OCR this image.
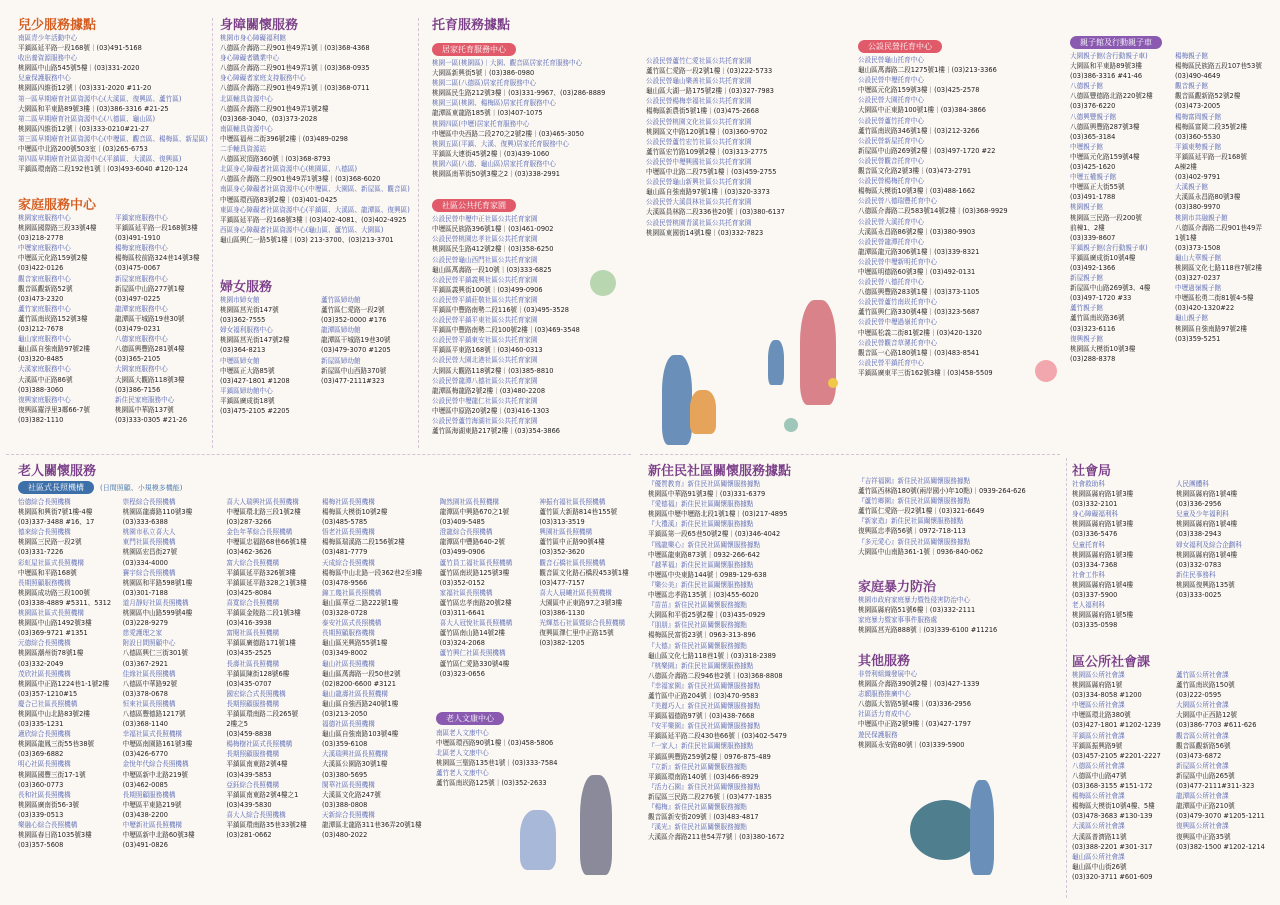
兒少服務據點
南區青少年活動中心
平鎮區延平路一段168號｜(03)491-5168
收出養資源服務中心
桃園區中山路545號5樓｜(03)331-2020
兒童保護服務中心
桃園區四維街12號｜(03)331-2020 #11-20
第一區早期療育社區資源中心(大溪區、復興區、蘆竹區)
大園區和平東路89號3樓｜(03)386-3316 #21-25
第二區早期療育社區資源中心(八德區、龜山區)
桃園區四維街12號｜(03)333-0210#21-27
第三區早期療育社區資源中心(中壢區、觀音區、楊梅區、新屋區)
中壢區中北路200號503室｜(03)265-6753
第四區早期療育社區資源中心(平鎮區、大溪區、復興區)
平鎮區環南路二段192巷1號｜(03)493-6040 #120-124
家庭服務中心
桃園家庭服務中心
桃園區國際路三段33號4樓
(03)218-2778
中壢家庭服務中心
中壢區元化路159號2樓
(03)422-0126
觀音家庭服務中心
觀音區觀新路52號
(03)473-2320
蘆竹家庭服務中心
蘆竹區南崁路152號3樓
(03)212-7678
龜山家庭服務中心
龜山區自強南路97號2樓
(03)320-8485
大溪家庭服務中心
大溪區中正路86號
(03)388-3060
復興家庭服務中心
復興區羅浮里3鄰66-7號
(03)382-1110
平鎮家庭服務中心
平鎮區延平路一段168號3樓
(03)491-1910
楊梅家庭服務中心
楊梅區校前路324巷14號3樓
(03)475-0067
新屋家庭服務中心
新屋區中山路277號1樓
(03)497-0225
龍潭家庭服務中心
龍潭區干城路19巷30號
(03)479-0231
八德家庭服務中心
八德區興豐路281號4樓
(03)365-2105
大園家庭服務中心
大園區大觀路118號3樓
(03)386-7156
新住民家庭服務中心
桃園區中華路137號
(03)333-0305 #21-26
身障關懷服務
桃園市身心障礙福利館
八德區介壽路二段901巷49弄1號｜(03)368-4368
身心障礙者職業中心
八德區介壽路二段901巷49弄1號｜(03)368-0935
身心障礙者家庭支持服務中心
八德區介壽路二段901巷49弄1號｜(03)368-0711
北區輔具資源中心
八德區介壽路二段901巷49弄1號2樓
(03)368-3040、(03)373-2028
南區輔具資源中心
中壢區福州二街396號2樓｜(03)489-0298
二手輔具資源站
八德區崁頂路360號｜(03)368-8793
北區身心障礙者社區資源中心(桃園區、八德區)
八德區介壽路二段901巷49弄1號3樓｜(03)368-6020
南區身心障礙者社區資源中心(中壢區、大園區、新屋區、觀音區)
中壢區環西路83號2樓｜(03)401-0425
東區身心障礙者社區資源中心(平鎮區、大溪區、龍潭區、復興區)
平鎮區延平路一段168號3樓｜(03)402-4081、(03)402-4925
西區身心障礙者社區資源中心(龜山區、蘆竹區、大園區)
龜山區興仁一路5號1樓｜(03) 213-3700、(03)213-3701
婦女服務
桃園市婦女館
桃園區莒光街147號
(03)362-7555
婦女福利服務中心
桃園區莒光街147號2樓
(03)364-8213
中壢區婦女館
中壢區正大路85號
(03)427-1801 #1208
平鎮區婦幼館中心
平鎮區廣成街18號
(03)475-2105 #2205
蘆竹區婦幼館
蘆竹區仁愛路一段2號
(03)352-0000 #176
龍潭區婦幼館
龍潭區干城路19巷30號
(03)479-3070 #1205
新屋區婦幼館
新屋區中山西路370號
(03)477-2111#323
托育服務據點
居家托育服務中心
桃園一區(桃園區)｜大園、觀音區居家托育服務中心
大園區新興街5號｜(03)386-0980
桃園二區(八德區)居家托育服務中心
桃園區民生路212號3樓｜(03)331-9967、(03)286-8889
桃園三區(桃園、楊梅區)居家托育服務中心
龍潭區東龍路185號｜(03)407-1075
桃園四區(中壢)居家托育服務中心
中壢區中央西路二段270之2號2樓｜(03)465-3050
桃園五區(平鎮、大溪、復興)居家托育服務中心
平鎮區大連街45號2樓｜(03)439-1060
桃園六區(八德、龜山區)居家托育服務中心
桃園區南華街50號3樓之2｜(03)338-2991
社區公共托育家園
公設民營中壢中正社區公共托育家園
中壢區民族路396號1樓｜(03)461-0902
公設民營桃園忠孝社區公共托育家園
桃園區民生路412號2樓｜(03)358-6250
公設民營龜山西門社區公共托育家園
龜山區萬壽路一段10號｜(03)333-6825
公設民營平鎮義興社區公共托育家園
平鎮區義興街100號｜(03)499-0906
公設民營平鎮莊敬社區公共托育家園
平鎮區中豐路南勢二段116號｜(03)495-3528
公設民營平鎮平東社區公共托育家園
平鎮區中豐路南勢二段100號2樓｜(03)469-3548
公設民營平鎮東安社區公共托育家園
平鎮區平東路168號｜(03)460-0313
公設民營大園北港社區公共托育家園
大園區大觀路118號2樓｜(03)385-8810
公設民營龍潭八德社區公共托育家園
龍潭區梅龍路2號2樓｜(03)480-2208
公設民營中壢龍仁社區公共托育家園
中壢區中原路20號2樓｜(03)416-1303
公設民營蘆竹海湖社區公共托育家園
蘆竹區海湖東路217號2樓｜(03)354-3866
公設民營蘆竹仁愛社區公共托育家園
蘆竹區仁愛路一段2號1樓｜(03)222-5733
公設民營龜山樂善社區公共托育家園
龜山區大湖一路175號2樓｜(03)327-7983
公設民營楊梅幸福社區公共托育家園
楊梅區新農街5號1樓｜(03)475-2668
公設民營桃園文化社區公共托育家園
桃園區文中路120號1樓｜(03)360-9702
公設民營蘆竹宏竹社區公共托育家園
蘆竹區宏竹路109號2樓｜(03)313-2775
公設民營中壢興國社區公共托育家園
中壢區中北路二段75號1樓｜(03)459-2755
公設民營龜山新興社區公共托育家園
龜山區自強南路97號1樓｜(03)320-3373
公設民營大溪員林社區公共托育家園
大溪區員林路二段336巷20號｜(03)380-6137
公設民營桃園青溪社區公共托育家園
桃園區東國街14號1樓｜(03)332-7823
公設民營托育中心
公設民營龜山托育中心
龜山區萬壽路二段1275號1樓｜(03)213-3366
公設民營中壢托育中心
中壢區元化路159號3樓｜(03)425-2578
公設民營大園托育中心
大園區中正東路100號1樓｜(03)384-3866
公設民營蘆竹托育中心
蘆竹區南崁路346號1樓｜(03)212-3266
公設民營新屋托育中心
新屋區中山路269號2樓｜(03)497-1720 #22
公設民營觀音托育中心
觀音區文化路2號3樓｜(03)473-2791
公設民營楊梅托育中心
楊梅區大模街10號3樓｜(03)488-1662
公設民營八德瑞豐托育中心
八德區介壽路二段583號14號2樓｜(03)368-9929
公設民營大溪托育中心
大溪區永昌路86號2樓｜(03)380-9903
公設民營龍潭托育中心
龍潭區龍元路306號1樓｜(03)339-8321
公設民營中壢新明托育中心
中壢區明德路60號3樓｜(03)492-0131
公設民營八德托育中心
八德區興豐路283號1樓｜(03)373-1105
公設民營蘆竹南崁托育中心
蘆竹區興仁路330號4樓｜(03)323-5687
公設民營中壢過嶺托育中心
中壢區松義二街81號2樓｜(03)420-1320
公設民營觀音草漯托育中心
觀音區一心路180號1樓｜(03)483-8541
公設民營平鎮托育中心
平鎮區廣東平三街162號3樓｜(03)458-5509
親子館及行動親子車
大園親子館(含行動親子車)
大園區和平東路89號3樓
(03)386-3316 #41-46
八德親子館
八德區豐德路北路220號2樓
(03)376-6220
八德興豐親子館
八德區興豐路287號3樓
(03)365-3184
中壢親子館
中壢區元化路159號4樓
(03)425-1620
中壢五權親子館
中壢區正大街55號
(03)491-1788
桃園親子館
桃園區三民路一段200號
前棟1、2樓
(03)339-8607
平鎮親子館(含行動親子車)
平鎮區廣成街10號4樓
(03)492-1366
新屋親子館
新屋區中山路269號3、4樓
(03)497-1720 #33
蘆竹親子館
蘆竹區南崁路36號
(03)323-6116
復興親子館
桃園區大模街10號3樓
(03)288-8378
楊梅親子館
楊梅區民族路五段107巷53號
(03)490-4649
觀音親子館
觀音區觀新路52號2樓
(03)473-2005
楊梅富岡親子館
楊梅區富岡二段35號2樓
(03)360-5530
平鎮東勢親子館
平鎮區延平路一段168號
A棟2樓
(03)402-9791
大溪親子館
大溪區永昌路80號3樓
(03)380-9970
桃園市共融親子館
八德區介壽路二段901巷49弄
1號1樓
(03)373-1508
龜山大華親子館
桃園區文化七路118巷7號2樓
(03)327-0237
中壢過嶺親子館
中壢區松勇二街81號4-5樓
(03)420-1320#22
龜山親子館
桃園區自強南路97號2樓
(03)359-5251
老人關懷服務
社區式長照機構	(日間照顧、小規模多機能)
怡德綜合長照機構
桃園區和興街7號1樓-4樓
(03)337-3488 #16、17
德來綜合長照機構
桃園區三民路一段2號
(03)331-7226
彩虹屋社區式長照機構
中壢區和平路168號
長期照顧服務機構
桃園區成功路三段100號
(03)338-4889 #5311、5312
桃園區社區式長照機構
桃園區中山路1492號3樓
(03)369-9721 #1351
元德綜合長照機構
桃園區潮州街78號1樓
(03)332-2049
茂欣社區長照機構
桃園區中正路1224巷1-1號2樓
(03)357-1210#15
慶合己社區長照機構
桃園區中山北路83號2樓
(03)335-1231
適欣綜合長照機構
桃園區龍鳳三街55巷38號
(03)369-6882
明心社區長照機構
桃園區國豐三街17-1號
(03)360-0773
長和社區長照機構
桃園區廣南街56-3號
(03)339-0513
樂融心綜合長照機構
桃園區春日路1035號3樓
(03)357-5608
崇程綜合長照機構
桃園區龍壽路110號3樓
(03)333-6388
桃園市私立喜大人
東門社區長照機構
桃園區宏昌街27號
(03)334-4000
賽宇綜合長照機構
桃園區和平路598號1樓
(03)301-7188
道月靜好社區長照機構
桃園區中山路599號4樓
(03)228-9279
慈愛護理之家
附設日間照顧中心
八德區興仁三街301號
(03)367-2921
佳緣社區長照機構
八德區中華路92號
(03)378-0678
恒來社區長照機構
八德區豐德路1217號
(03)368-1140
幸福社區式長照機構
中壢區南園路161號3樓
(03)426-6770
金悅年代綜合長照機構
中壢區新中北路219號
(03)462-0085
長期照顧服務機構
中壢區平東路219號
(03)438-2200
中壢新社區長照機構
中壢區新中北路60號3樓
(03)491-0826
喜大人瑞興社區長照機構
中壢區環北路三段1號2樓
(03)287-3266
金色年華綜合長照機構
中壢區忠福路68巷66號1樓
(03)462-3626
富大綜合長照機構
平鎮區延平路326號3樓
平鎮區延平路328之1號3樓
(03)425-8084
喜寬綜合長照機構
平鎮區金陵路二段1號3樓
(03)416-3938
富閱社區長照機構
平鎮區廣德路171號1樓
(03)435-2525
長壽社區長照機構
平鎮區陳街128號6樓
(03)435-0707
國宏綜合式長照機構
長期照顧服務機構
平鎮區環南路二段265號
2樓之5
(03)459-8838
楊梅樹社區式長照機構
長期照顧服務機構
平鎮區南東路2號4樓
(03)439-5853
亞鈺綜合長照機構
平鎮區南東路2號4樓之1
(03)439-5830
喜大人綜合長照機構
平鎮區環南路35巷33號2樓
(03)281-0662
楊梅社區長照機構
楊梅區大模街10號2樓
(03)485-5785
悟老社區長照機構
楊梅區瑞溪路二段156號2樓
(03)481-7779
天成綜合長照機構
楊梅區中山北路一段362巷2至3樓
(03)478-9566
錦工幾社區長照機構
龜山區華亞二路222號1樓
(03)328-0728
泰安社區式長照機構
長期照顧服務機構
龜山區光興路55號1樓
(03)349-8002
龜山社區長照機構
龜山區萬壽路一段50巷2號
(02)8200-6600 #3121
龜山龍壽社區長照機構
龜山區自強西路240號1樓
(03)213-2050
福德社區長照機構
龜山區自強南路103號4樓
(03)359-6108
大溪瑞興社區長照機構
大溪區公園路30號1樓
(03)380-5695
閩華社區長照機構
大溪區文化路247號
(03)388-0808
天新綜合長照機構
龍潭區北龍路311巷36弄20號1樓
(03)480-2022
陶然園社區長照機構
龍潭區中興路670之1號
(03)409-5485
澄龍綜合長照機構
龍潭區中豐路640-2號
(03)499-0906
蘆竹員工福社區長照機構
蘆竹區南崁路125號3樓
(03)352-0152
家福社區長照機構
蘆竹區忠孝南路20號2樓
(03)311-6641
喜大人冠悅社區長照機構
蘆竹區南山路14號2樓
(03)324-2068
蘆竹興仁社區長照機構
蘆竹區仁愛路330號4樓
(03)323-0656
神振有福社區長照機構
蘆竹區大新路814巷155號
(03)313-3519
興園社區長照機構
蘆竹區中正路90號4樓
(03)352-3620
觀音石橋社區長照機構
觀音區文化路石橋段453號1樓
(03)477-7157
喜大人晨曦社區長照機構
大園區中正東路97之3號3樓
(03)386-1130
光輝基石社區暨綜合長照機構
復興區澤仁里中正路15號
(03)382-1205
老人文康中心
南區老人文康中心
中壢區環西路90號1樓｜(03)458-5806
北區老人文康中心
桃園區三聖路135巷1號｜(03)333-7584
蘆竹老人文康中心
蘆竹區南崁路125號｜(03)352-2633
新住民社區關懷服務據點
『優質教育』新住民社區關懷服務據點
桃園區中華路91號3樓｜(03)331-6379
『愛德福』新住民社區關懷服務據點
桃園區中壢中壢路北段1號1樓｜(03)217-4895
『大禮溪』新住民社區關懷服務據點
平鎮區第一段65巷50號2樓｜(03)346-4042
『鳳龍樂心』新住民社區關懷服務據點
中壢區龍東路873號｜0932-266-642
『越華福』新住民社區關懷服務據點
中壢區中央東路144號｜0989-129-638
『樂公美』新住民社區關懷服務據點
中壢區忠孝路135號｜(03)455-6020
『苗苗』新住民社區關懷服務據點
大園區和平街25號2樓｜(03)435-0929
『朋朋』新住民社區關懷服務據點
楊梅區民富街23號｜0963-313-896
『大德』新住民社區關懷服務據點
龜山區文化七路118巷1號｜(03)318-2389
『桃樂園』新住民社區關懷服務據點
八德區介壽路二段946巷2號｜(03)368-8808
『幸福家園』新住民社區關懷服務據點
蘆竹區中正路204號｜(03)470-9583
『美麗巧人』新住民社區關懷服務據點
平鎮區福德路97號｜(03)438-7668
『安平樂園』新住民社區關懷服務據點
平鎮區延平路二段430巷66號｜(03)402-5479
『一家人』新住民社區關懷服務據點
平鎮區興豐路259號2樓｜0976-875-489
『立新』新住民社區關懷服務據點
平鎮區環南路140號｜(03)466-8929
『活力石園』新住民社區關懷服務據點
新屋區三民路二段276號｜(03)477-1835
『楊梅』新住民社區關懷服務據點
觀音區新安街209號｜(03)483-4817
『溪光』新住民社區關懷服務據點
大溪區介壽路211巷54弄7號｜(03)380-1672
『吉祥福園』新住民社區關懷服務據點
蘆竹區西林路180號(兩岸國小)年10點)｜0939-264-626
『蘆竹鄉園』新住民社區關懷服務據點
蘆竹區仁愛路一段2號1樓｜(03)321-6649
『新家造』新住民社區關懷服務據點
復興區忠孝路56號｜0972-718-113
『多元愛心』新住民社區關懷服務據點
大園區中山南路361-1號｜0936-840-062
家庭暴力防治
桃園市政府家庭暴力暨性侵害防治中心
桃園區縣府路51號6樓｜(03)332-2111
家庭暴力暨家事事件服務處
桃園區莒光路888號｜(03)339-6100 #11216
其他服務
非營利組織發展中心
桃園區介壽路390號2樓｜(03)427-1339
志願服務推廣中心
八德區大智路5號4樓｜(03)336-2956
社區活力育成中心
中壢區中正路2號9樓｜(03)427-1797
遊民保護服務
桃園區永安路80號｜(03)339-5900
社會局
社會救助科
桃園區縣府路1號3樓
(03)332-2101
身心障礙福利科
桃園區縣府路1號3樓
(03)336-5476
兒童托育科
桃園區縣府路1號3樓
(03)334-7368
社會工作科
桃園區縣府路1號4樓
(03)337-5900
老人福利科
桃園區縣府路1號5樓
(03)335-0598
人民團體科
桃園區縣府路1號4樓
(03)336-2956
兒童及少年福利科
桃園區縣府路1號4樓
(03)338-2943
婦女福利及綜合企劃科
桃園區縣府路1號4樓
(03)332-0783
新住民事務科
桃園區復興路135號
(03)333-0025
區公所社會課
桃園區公所社會課
桃園區縣府路1號
(03)334-8058 #1200
中壢區公所社會課
中壢區環北路380號
(03)427-1801 #1202-1239
平鎮區公所社會課
平鎮區振興路9號
(03)457-2105 #2201-2227
八德區公所社會課
八德區中山路47號
(03)368-3155 #151-172
楊梅區公所社會課
楊梅區大模街10號4樓、5樓
(03)478-3683 #130-139
大溪區公所社會課
大溪區普濟路11號
(03)388-2201 #301-317
龜山區公所社會課
龜山區中山街26號
(03)320-3711 #601-609
蘆竹區公所社會課
蘆竹區南崁路150號
(03)222-0595
大園區公所社會課
大園區中正西路12號
(03)386-7703 #611-626
觀音區公所社會課
觀音區觀新路56號
(03)473-6872
新屋區公所社會課
新屋區中山路265號
(03)477-2111#311-323
龍潭區公所社會課
龍潭區中正路210號
(03)479-3070 #1205-1211
復興區公所社會課
復興區中正路35號
(03)382-1500 #1202-1214
